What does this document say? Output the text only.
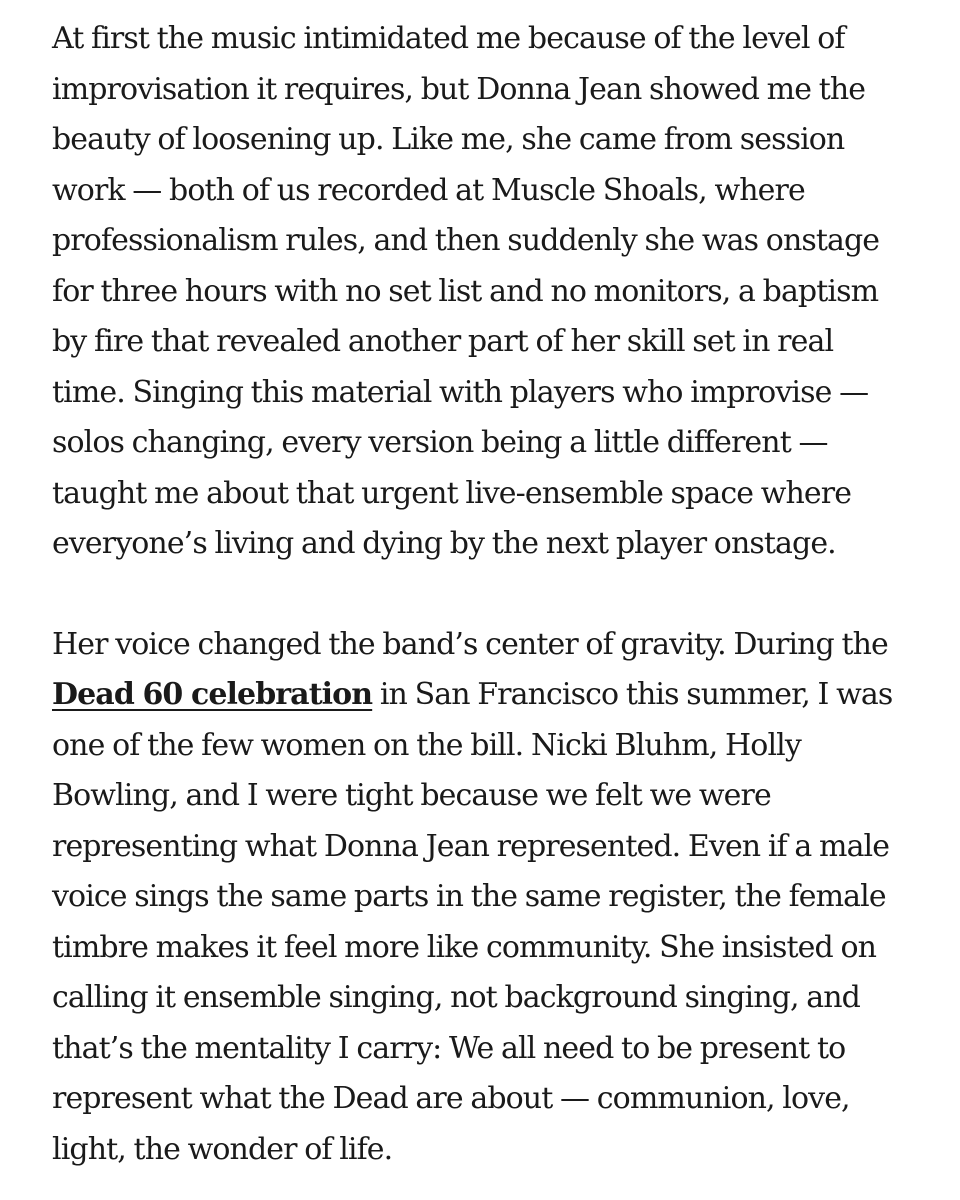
At first the music intimidated me because of the level of
improvisation it requires, but Donna Jean showed me the
beauty of loosening up. Like me, she came from session
work — both of us recorded at Muscle Shoals, where
professionalism rules, and then suddenly she was onstage
for three hours with no set list and no monitors, a baptism
by fire that revealed another part of her skill set in real
time. Singing this material with players who improvise —
solos changing, every version being a little different —
taught me about that urgent live-ensemble space where
everyone’s living and dying by the next player onstage.

Her voice changed the band’s center of gravity. During the
Dead 60 celebration in San Francisco this summer, I was
one of the few women on the bill. Nicki Bluhm, Holly
Bowling, and I were tight because we felt we were
representing what Donna Jean represented. Even if a male
voice sings the same parts in the same register, the female
timbre makes it feel more like community. She insisted on
calling it ensemble singing, not background singing, and
that’s the mentality I carry: We all need to be present to
represent what the Dead are about — communion, love,
light, the wonder of life.
